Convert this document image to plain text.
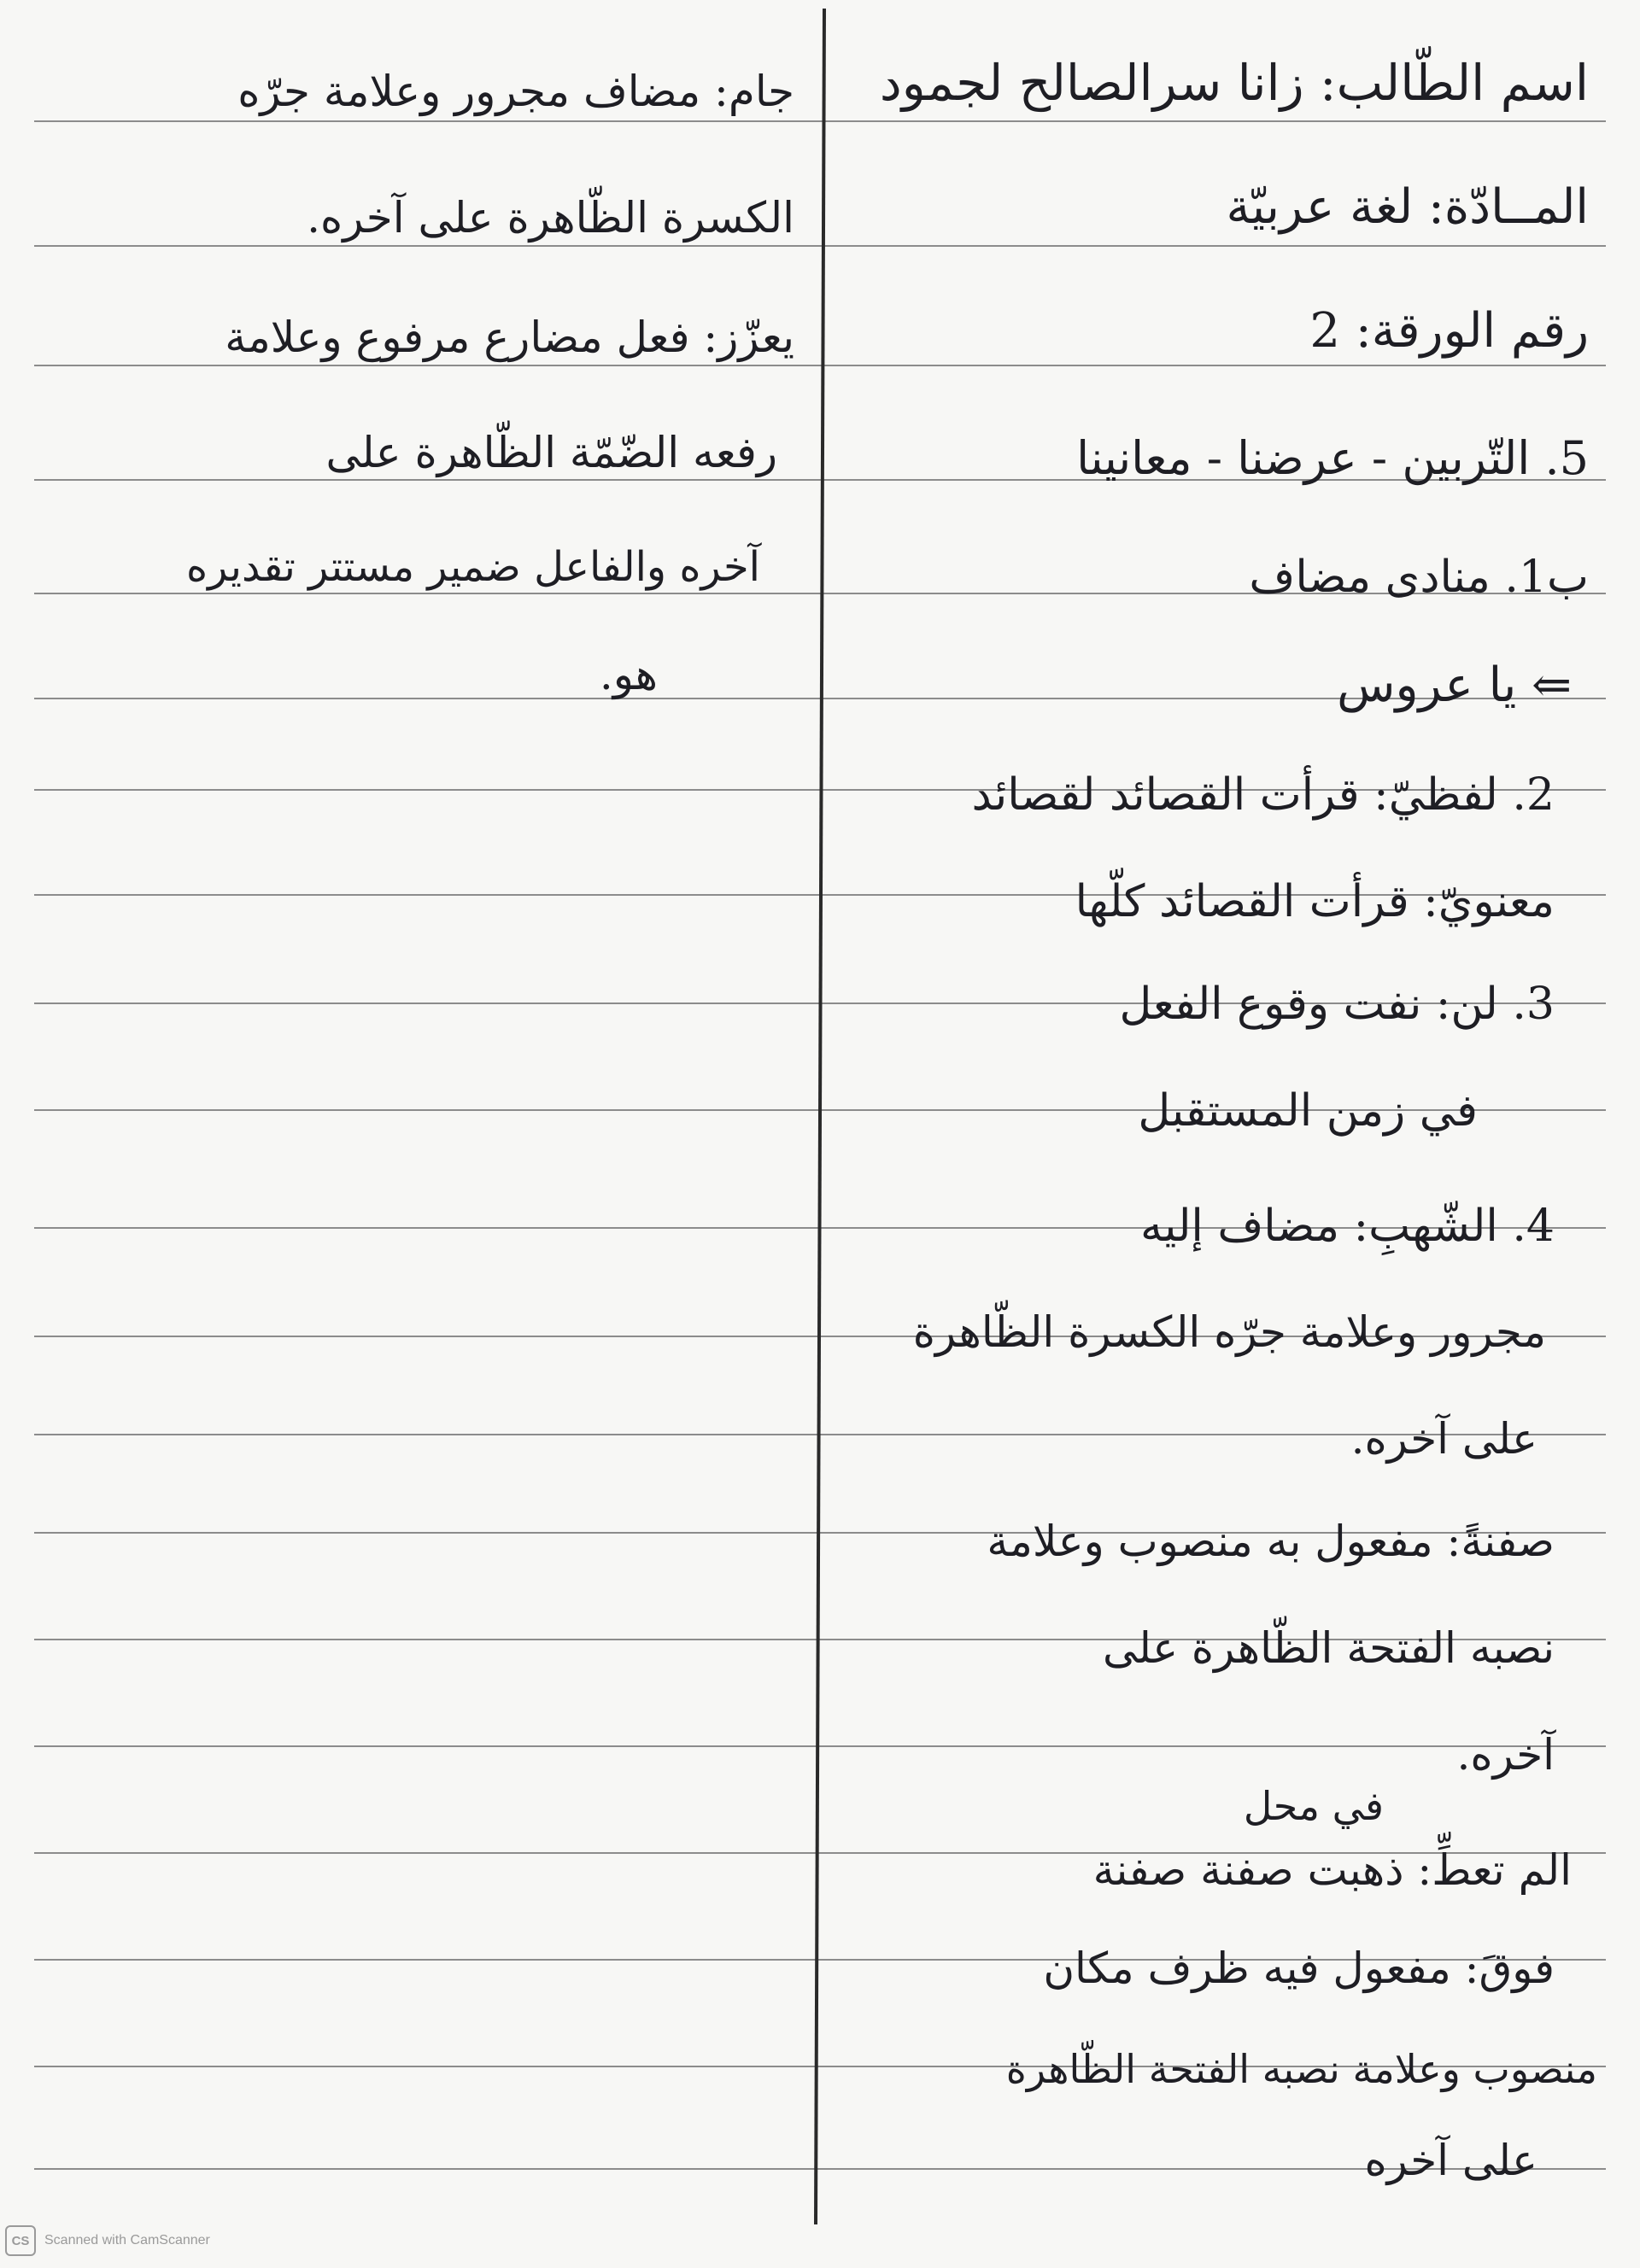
اسم الطّالب: زانا سرالصالح لجمود
المــادّة: لغة عربيّة
رقم الورقة: 2
5. التّربين - عرضنا - معانينا
ب1. منادى مضاف
⇐ يا عروس
2. لفظيّ: قرأت القصائد لقصائد
معنويّ: قرأت القصائد كلّها
3. لن: نفت وقوع الفعل
في زمن المستقبل
4. الشّهبِ: مضاف إليه
مجرور وعلامة جرّه الكسرة الظّاهرة
على آخره.
صفنةً: مفعول به منصوب وعلامة
نصبه الفتحة الظّاهرة على
آخره.
في محل
الم تعطِّ: ذهبت صفنة صفنة
فوقَ: مفعول فيه ظرف مكان
منصوب وعلامة نصبه الفتحة الظّاهرة
على آخره
جام: مضاف مجرور وعلامة جرّه
الكسرة الظّاهرة على آخره.
يعزّز: فعل مضارع مرفوع وعلامة
رفعه الضّمّة الظّاهرة على
آخره والفاعل ضمير مستتر تقديره
هو.
CS	Scanned with CamScanner
